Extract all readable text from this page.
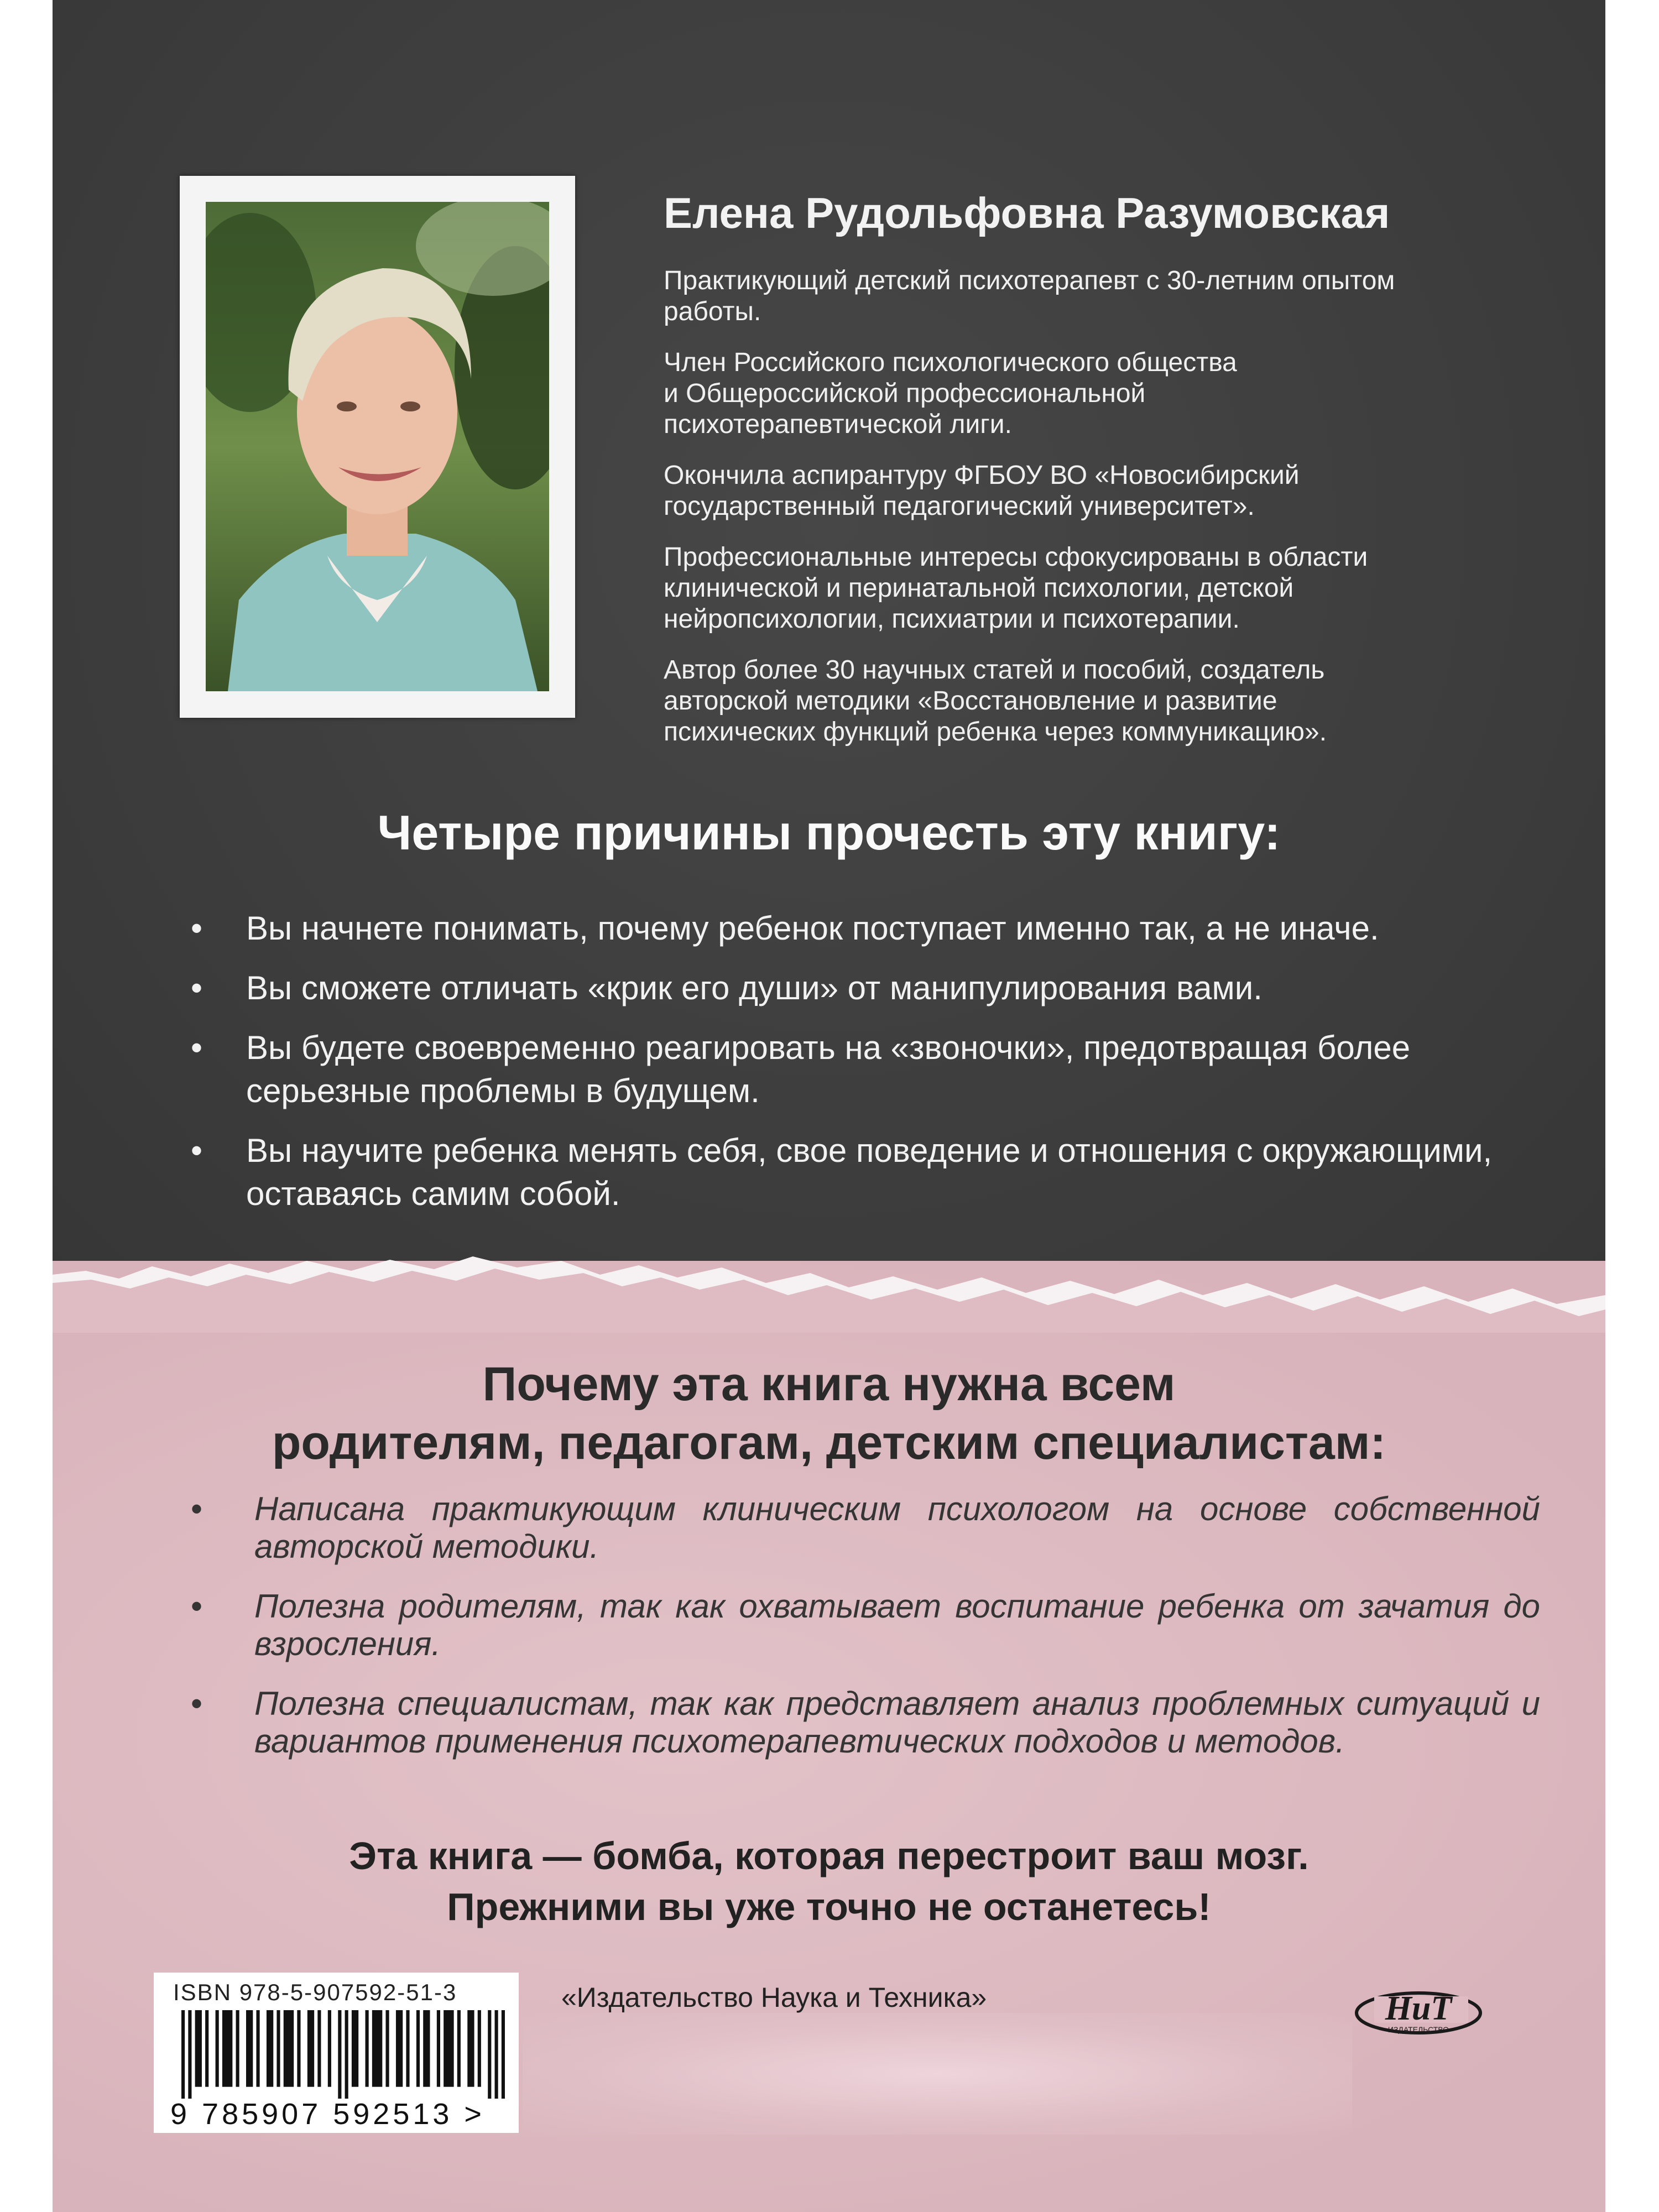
Елена Рудольфовна Разумовская

Практикующий детский психотерапевт с 30-летним опытом
работы.

Член Российского психологического общества
и Общероссийской профессиональной
психотерапевтической лиги.

Окончила аспирантуру ФГБОУ ВО «Новосибирский
государственный педагогический университет».

Профессиональные интересы сфокусированы в области
клинической и перинатальной психологии, детской
нейропсихологии, психиатрии и психотерапии.

Автор более 30 научных статей и пособий, создатель
авторской методики «Восстановление и развитие
психических функций ребенка через коммуникацию».

Четыре причины прочесть эту книгу:
• Вы начнете понимать, почему ребенок поступает именно так, а не иначе.
• Вы сможете отличать «крик его души» от манипулирования вами.
• Вы будете своевременно реагировать на «звоночки», предотвращая более
серьезные проблемы в будущем.
• Вы научите ребенка менять себя, свое поведение и отношения с окружающими,
оставаясь самим собой.
Почему эта книга нужна всем
родителям, педагогам, детским специалистам:
• Написана практикующим клиническим психологом на основе собственной авторской методики.
• Полезна родителям, так как охватывает воспитание ребенка от зачатия до взросления.
• Полезна специалистам, так как представляет анализ проблемных ситуаций и вариантов применения психотерапевтических подходов и методов.

Эта книга — бомба, которая перестроит ваш мозг.
Прежними вы уже точно не останетесь!

ISBN 978-5-907592-51-3
9 785907 592513 >
«Издательство Наука и Техника»	НиТ
ИЗДАТЕЛЬСТВО
